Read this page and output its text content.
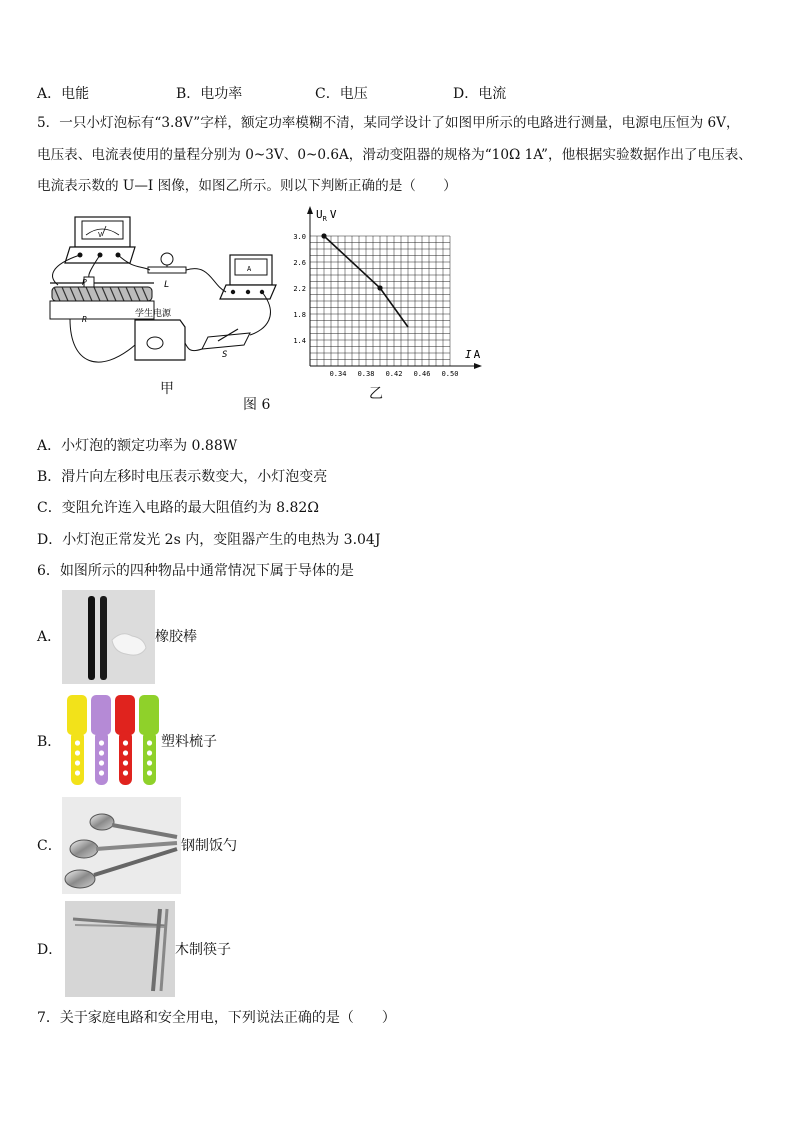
A．电能	B．电功率	C．电压	D．电流
5．一只小灯泡标有“3.8V”字样，额定功率模糊不清，某同学设计了如图甲所示的电路进行测量，电源电压恒为 6V，
电压表、电流表使用的量程分别为 0~3V、0~0.6A，滑动变阻器的规格为“10Ω 1A”，他根据实验数据作出了电压表、
电流表示数的 U—I 图像，如图乙所示。则以下判断正确的是（　　）
V
P
R
L
A
学生电源
S
甲
图 6
乙
$U_R$ V
I A
0.34 0.38 0.42 0.46 0.50
3.0
2.6
2.2
1.8
1.4
A．小灯泡的额定功率为 0.88W
B．滑片向左移时电压表示数变大，小灯泡变亮
C．变阻允许连入电路的最大阻值约为 8.82Ω
D．小灯泡正常发光 2s 内，变阻器产生的电热为 3.04J
6．如图所示的四种物品中通常情况下属于导体的是
A．	橡胶棒
B．	塑料梳子
C．	钢制饭勺
D．	木制筷子
7．关于家庭电路和安全用电，下列说法正确的是（　　）
